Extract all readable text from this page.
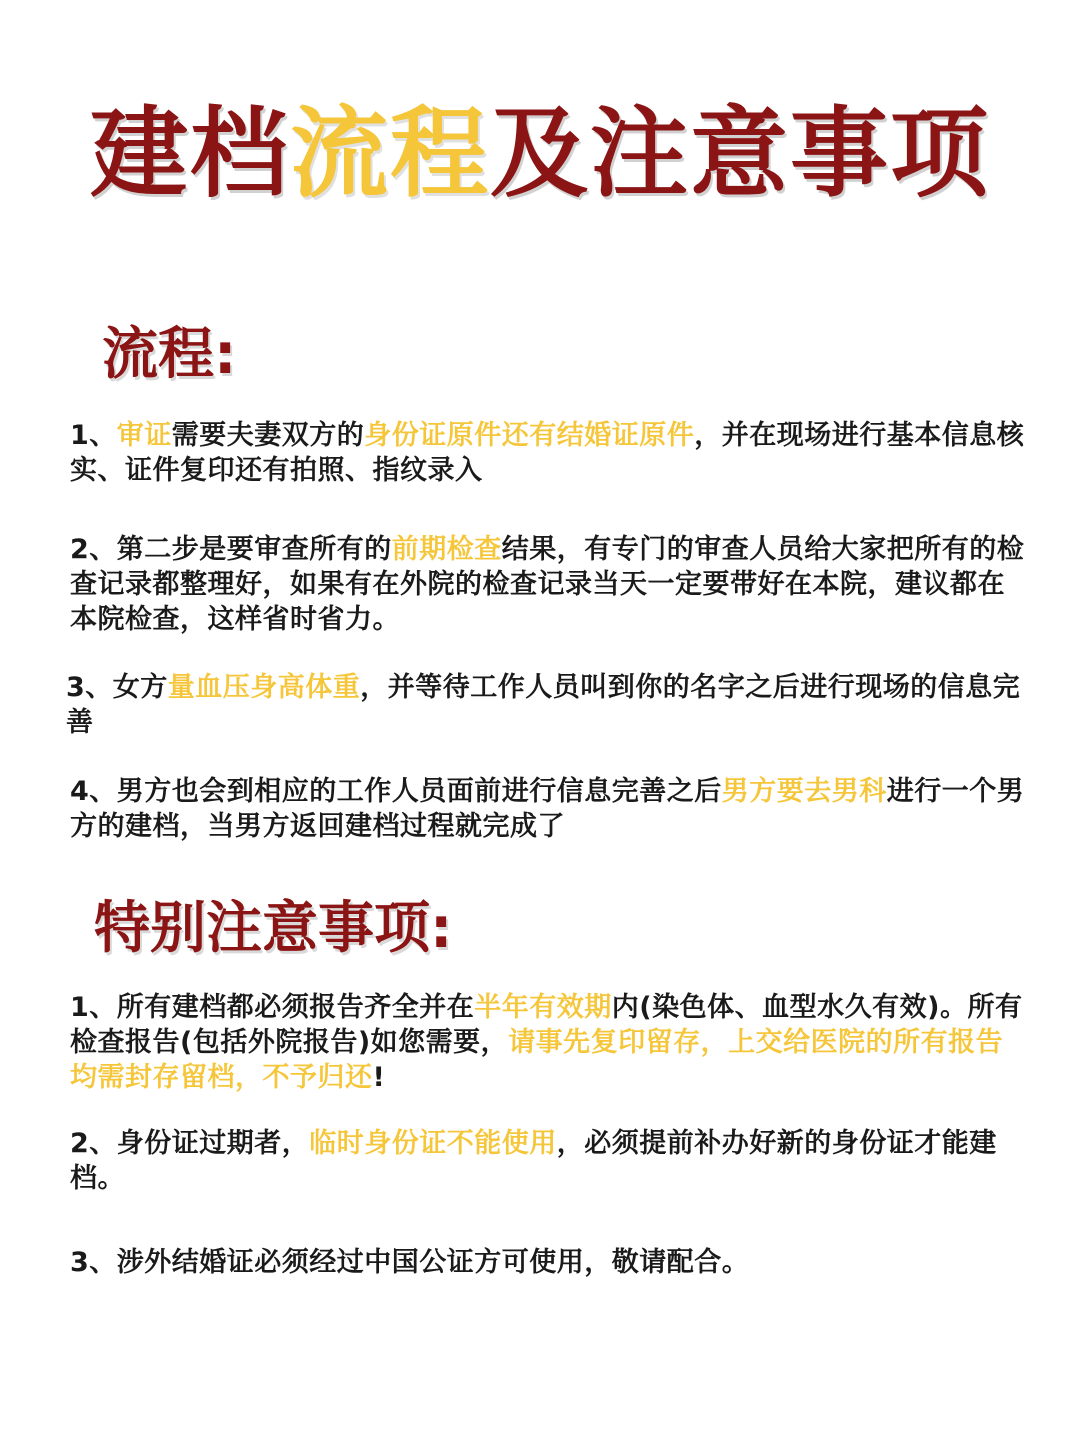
建档流程及注意事项
流程:
1、审证需要夫妻双方的身份证原件还有结婚证原件，并在现场进行基本信息核实、证件复印还有拍照、指纹录入
2、第二步是要审查所有的前期检查结果，有专门的审查人员给大家把所有的检查记录都整理好，如果有在外院的检查记录当天一定要带好在本院，建议都在本院检查，这样省时省力。
3、女方量血压身高体重，并等待工作人员叫到你的名字之后进行现场的信息完善
4、男方也会到相应的工作人员面前进行信息完善之后男方要去男科进行一个男方的建档，当男方返回建档过程就完成了
特别注意事项:
1、所有建档都必须报告齐全并在半年有效期内(染色体、血型水久有效)。所有检查报告(包括外院报告)如您需要，请事先复印留存，上交给医院的所有报告均需封存留档，不予归还!
2、身份证过期者，临时身份证不能使用，必须提前补办好新的身份证才能建档。
3、涉外结婚证必须经过中国公证方可使用，敬请配合。
